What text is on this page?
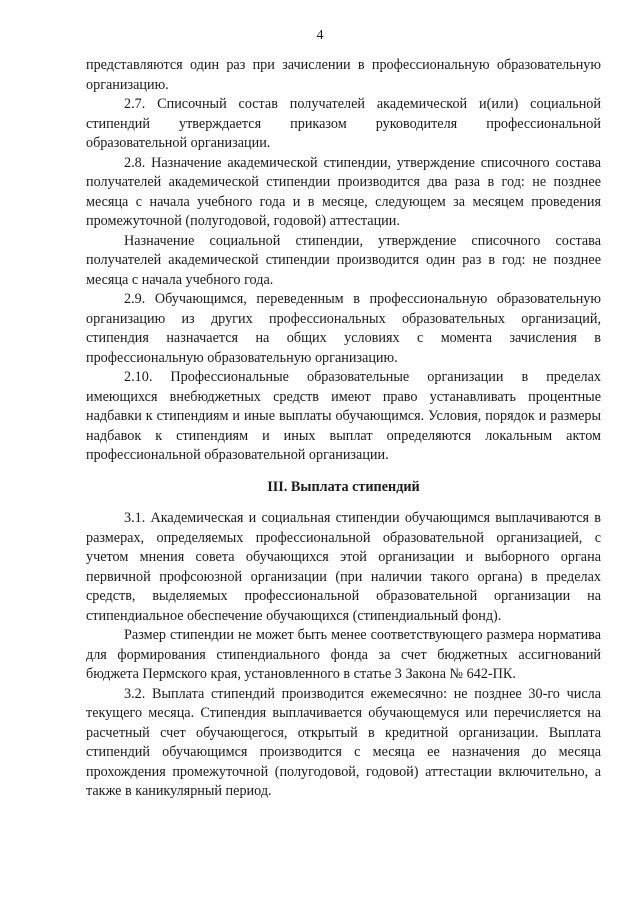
4

представляются один раз при зачислении в профессиональную образовательную организацию.

2.7. Списочный состав получателей академической и(или) социальной стипендий утверждается приказом руководителя профессиональной образовательной организации.

2.8. Назначение академической стипендии, утверждение списочного состава получателей академической стипендии производится два раза в год: не позднее месяца с начала учебного года и в месяце, следующем за месяцем проведения промежуточной (полугодовой, годовой) аттестации.

Назначение социальной стипендии, утверждение списочного состава получателей академической стипендии производится один раз в год: не позднее месяца с начала учебного года.

2.9. Обучающимся, переведенным в профессиональную образовательную организацию из других профессиональных образовательных организаций, стипендия назначается на общих условиях с момента зачисления в профессиональную образовательную организацию.

2.10. Профессиональные образовательные организации в пределах имеющихся внебюджетных средств имеют право устанавливать процентные надбавки к стипендиям и иные выплаты обучающимся. Условия, порядок и размеры надбавок к стипендиям и иных выплат определяются локальным актом профессиональной образовательной организации.

III. Выплата стипендий

3.1. Академическая и социальная стипендии обучающимся выплачиваются в размерах, определяемых профессиональной образовательной организацией, с учетом мнения совета обучающихся этой организации и выборного органа первичной профсоюзной организации (при наличии такого органа) в пределах средств, выделяемых профессиональной образовательной организации на стипендиальное обеспечение обучающихся (стипендиальный фонд).

Размер стипендии не может быть менее соответствующего размера норматива для формирования стипендиального фонда за счет бюджетных ассигнований бюджета Пермского края, установленного в статье 3 Закона № 642-ПК.

3.2. Выплата стипендий производится ежемесячно: не позднее 30-го числа текущего месяца. Стипендия выплачивается обучающемуся или перечисляется на расчетный счет обучающегося, открытый в кредитной организации. Выплата стипендий обучающимся производится с месяца ее назначения до месяца прохождения промежуточной (полугодовой, годовой) аттестации включительно, а также в каникулярный период.
